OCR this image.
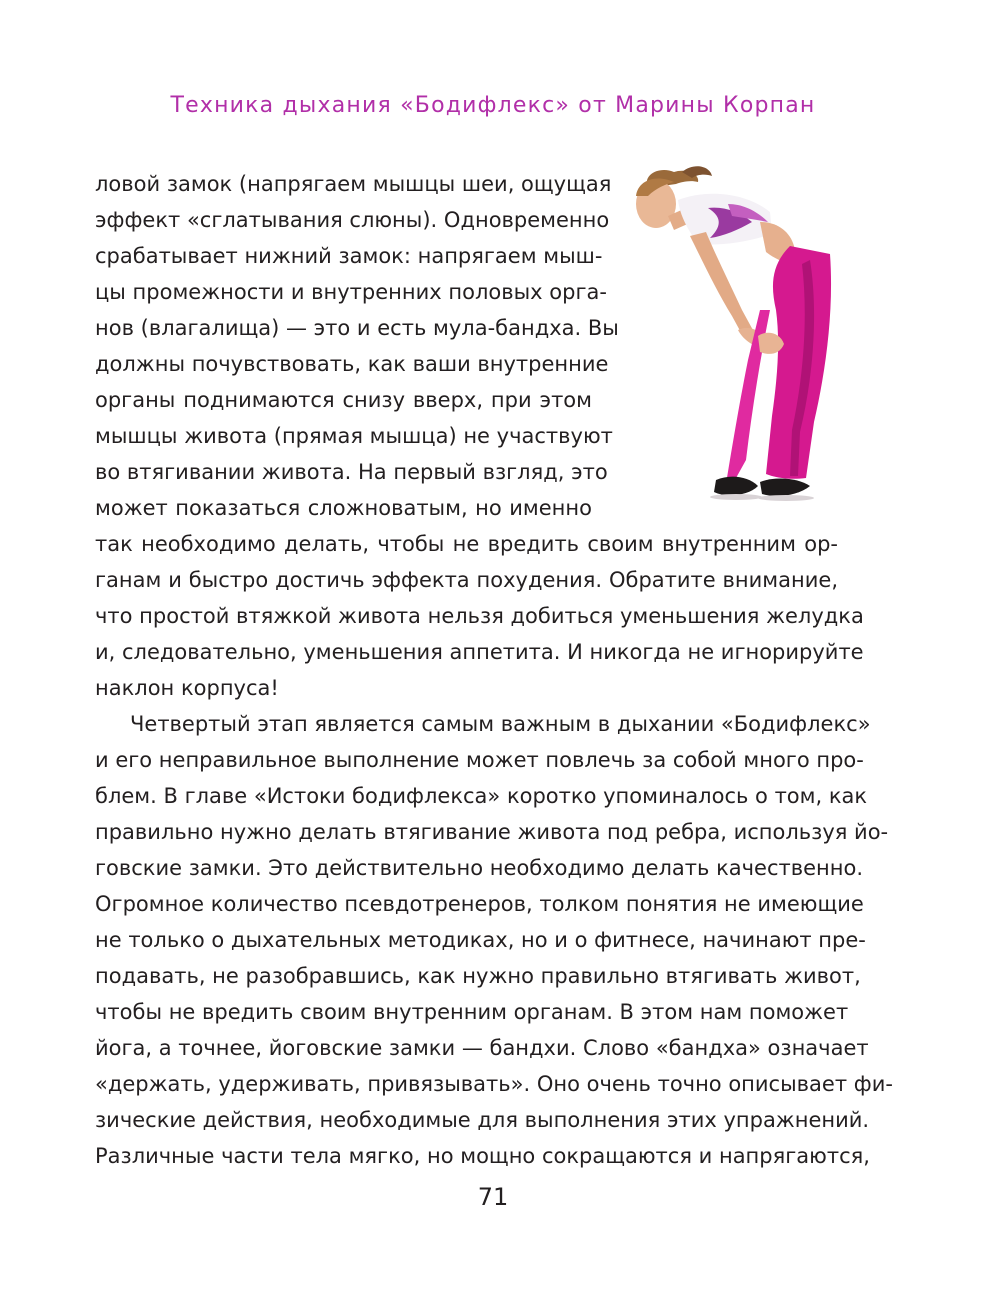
Техника дыхания «Бодифлекс» от Марины Корпан
ловой замок (напрягаем мышцы шеи, ощущая
эффект «сглатывания слюны). Одновременно
срабатывает нижний замок: напрягаем мыш-
цы промежности и внутренних половых орга-
нов (влагалища) — это и есть мула-бандха. Вы
должны почувствовать, как ваши внутренние
органы поднимаются снизу вверх, при этом
мышцы живота (прямая мышца) не участвуют
во втягивании живота. На первый взгляд, это
может показаться сложноватым, но именно
так необходимо делать, чтобы не вредить своим внутренним ор-
ганам и быстро достичь эффекта похудения. Обратите внимание,
что простой втяжкой живота нельзя добиться уменьшения желудка
и, следовательно, уменьшения аппетита. И никогда не игнорируйте
наклон корпуса!
Четвертый этап является самым важным в дыхании «Бодифлекс»
и его неправильное выполнение может повлечь за собой много про-
блем. В главе «Истоки бодифлекса» коротко упоминалось о том, как
правильно нужно делать втягивание живота под ребра, используя йо-
говские замки. Это действительно необходимо делать качественно.
Огромное количество псевдотренеров, толком понятия не имеющие
не только о дыхательных методиках, но и о фитнесе, начинают пре-
подавать, не разобравшись, как нужно правильно втягивать живот,
чтобы не вредить своим внутренним органам. В этом нам поможет
йога, а точнее, йоговские замки — бандхи. Слово «бандха» означает
«держать, удерживать, привязывать». Оно очень точно описывает фи-
зические действия, необходимые для выполнения этих упражнений.
Различные части тела мягко, но мощно сокращаются и напрягаются,
71
